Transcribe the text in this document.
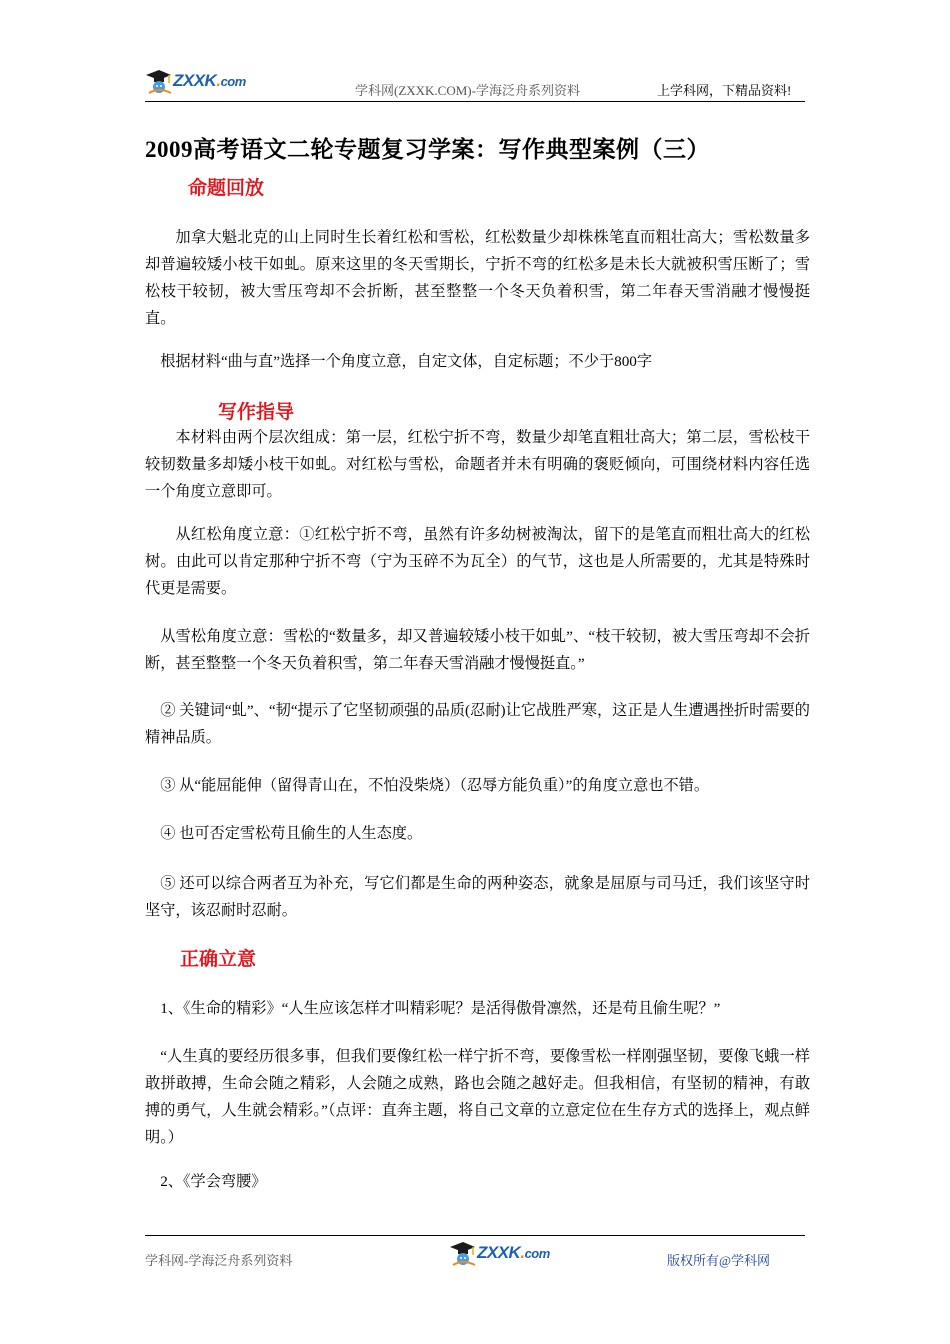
ZXXK.com
学科网(ZXXK.COM)-学海泛舟系列资料	上学科网，下精品资料!
2009高考语文二轮专题复习学案：写作典型案例（三）
命题回放
加拿大魁北克的山上同时生长着红松和雪松，红松数量少却株株笔直而粗壮高大；雪松数量多却普遍较矮小枝干如虬。原来这里的冬天雪期长，宁折不弯的红松多是未长大就被积雪压断了；雪松枝干较韧，被大雪压弯却不会折断，甚至整整一个冬天负着积雪，第二年春天雪消融才慢慢挺直。
根据材料“曲与直”选择一个角度立意，自定文体，自定标题；不少于800字
写作指导
本材料由两个层次组成：第一层，红松宁折不弯，数量少却笔直粗壮高大；第二层，雪松枝干较韧数量多却矮小枝干如虬。对红松与雪松，命题者并未有明确的褒贬倾向，可围绕材料内容任选一个角度立意即可。
从红松角度立意：①红松宁折不弯，虽然有许多幼树被淘汰，留下的是笔直而粗壮高大的红松树。由此可以肯定那种宁折不弯（宁为玉碎不为瓦全）的气节，这也是人所需要的，尤其是特殊时代更是需要。
从雪松角度立意：雪松的“数量多，却又普遍较矮小枝干如虬”、“枝干较韧，被大雪压弯却不会折断，甚至整整一个冬天负着积雪，第二年春天雪消融才慢慢挺直。”
② 关键词“虬”、“韧“提示了它坚韧顽强的品质(忍耐)让它战胜严寒，这正是人生遭遇挫折时需要的精神品质。
③ 从“能屈能伸（留得青山在，不怕没柴烧）（忍辱方能负重）”的角度立意也不错。
④ 也可否定雪松苟且偷生的人生态度。
⑤ 还可以综合两者互为补充，写它们都是生命的两种姿态，就象是屈原与司马迁，我们该坚守时坚守，该忍耐时忍耐。
正确立意
1、《生命的精彩》“人生应该怎样才叫精彩呢？是活得傲骨凛然，还是苟且偷生呢？”
“人生真的要经历很多事，但我们要像红松一样宁折不弯，要像雪松一样刚强坚韧，要像飞蛾一样敢拼敢搏，生命会随之精彩，人会随之成熟，路也会随之越好走。但我相信，有坚韧的精神，有敢搏的勇气，人生就会精彩。”（点评：直奔主题，将自己文章的立意定位在生存方式的选择上，观点鲜明。）
2、《学会弯腰》
学科网-学海泛舟系列资料	ZXXK.com	版权所有@学科网
